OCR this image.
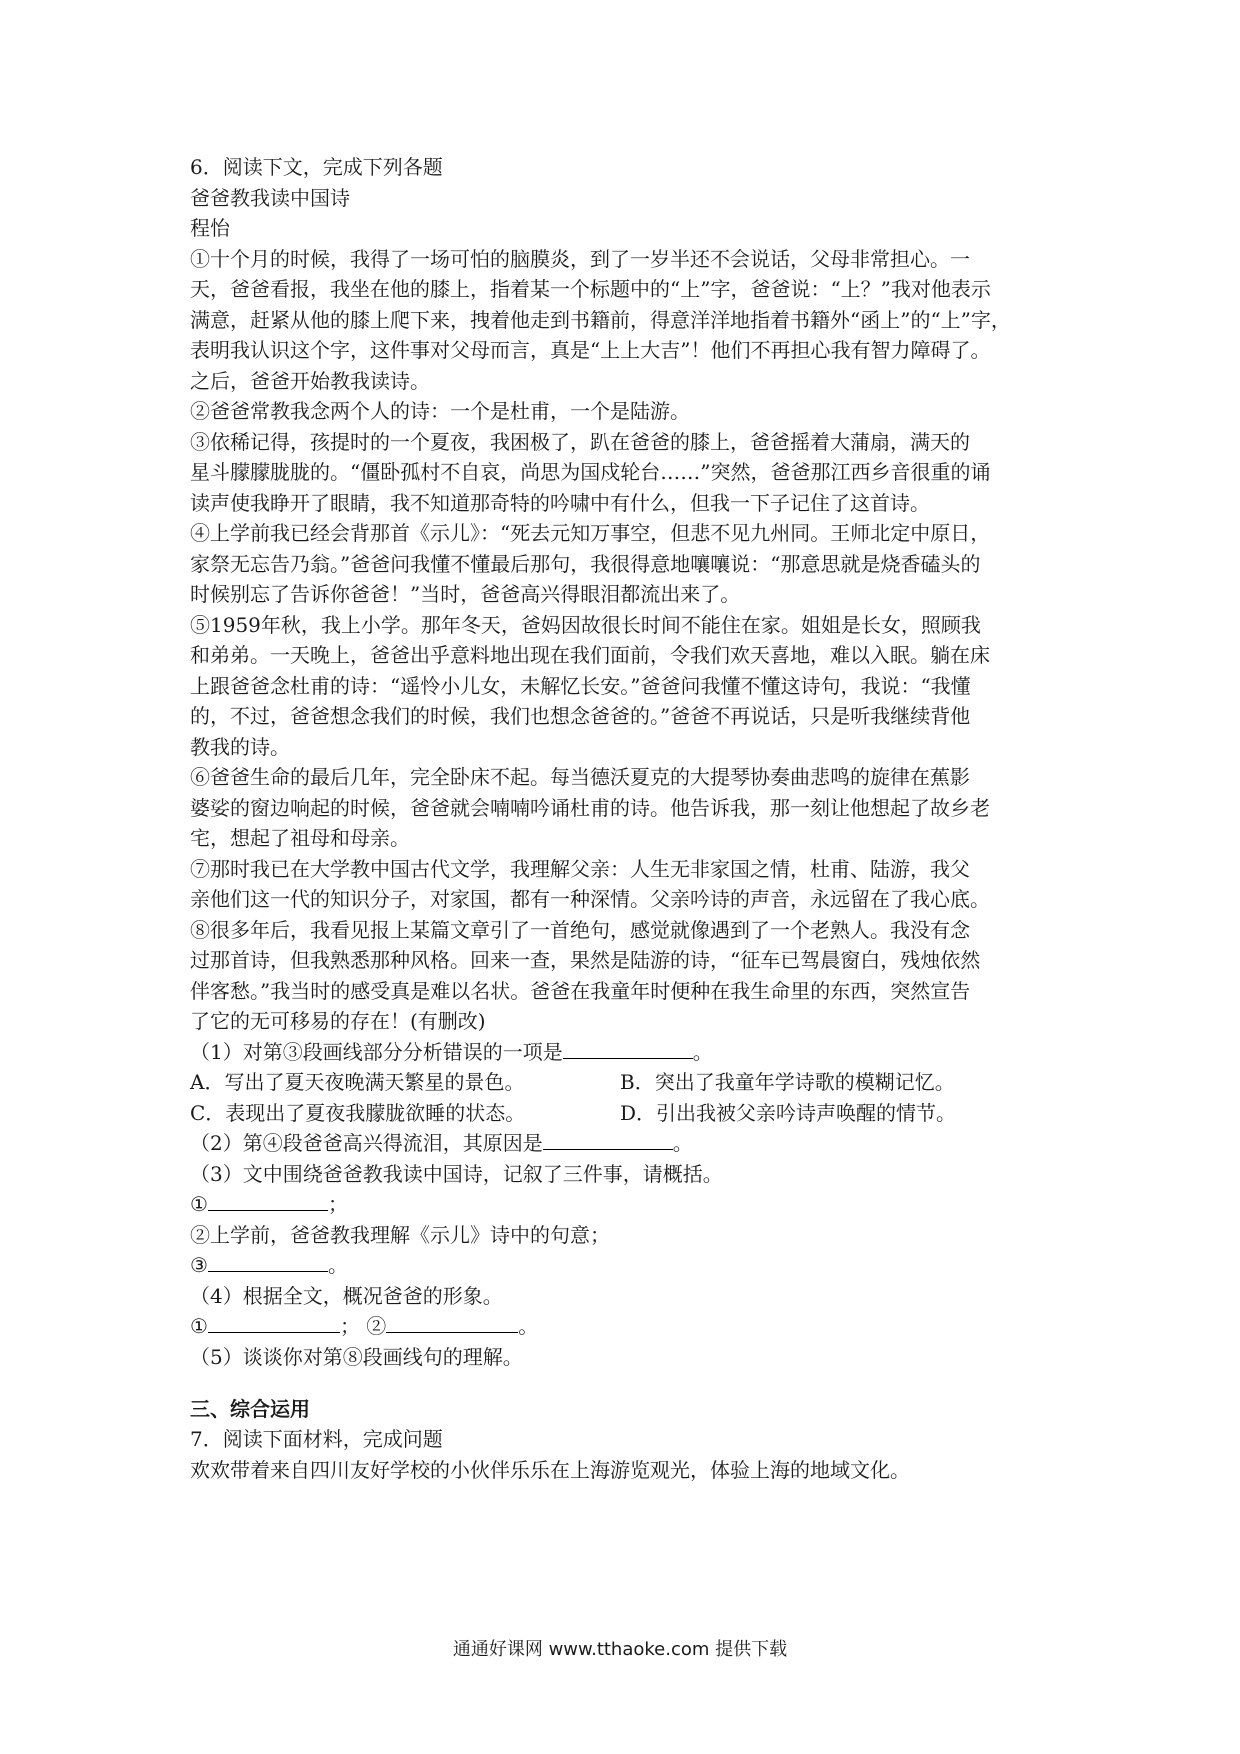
6．阅读下文，完成下列各题
爸爸教我读中国诗
程怡
①十个月的时候，我得了一场可怕的脑膜炎，到了一岁半还不会说话，父母非常担心。一
天，爸爸看报，我坐在他的膝上，指着某一个标题中的“上”字，爸爸说：“上？”我对他表示
满意，赶紧从他的膝上爬下来，拽着他走到书籍前，得意洋洋地指着书籍外“函上”的“上”字，
表明我认识这个字，这件事对父母而言，真是“上上大吉”！他们不再担心我有智力障碍了。
之后，爸爸开始教我读诗。
②爸爸常教我念两个人的诗：一个是杜甫，一个是陆游。
③依稀记得，孩提时的一个夏夜，我困极了，趴在爸爸的膝上，爸爸摇着大蒲扇，满天的
星斗朦朦胧胧的。“僵卧孤村不自哀，尚思为国戍轮台……”突然，爸爸那江西乡音很重的诵
读声使我睁开了眼睛，我不知道那奇特的吟啸中有什么，但我一下子记住了这首诗。
④上学前我已经会背那首《示儿》：“死去元知万事空，但悲不见九州同。王师北定中原日，
家祭无忘告乃翁。”爸爸问我懂不懂最后那句，我很得意地嚷嚷说：“那意思就是烧香磕头的
时候别忘了告诉你爸爸！”当时，爸爸高兴得眼泪都流出来了。
⑤1959年秋，我上小学。那年冬天，爸妈因故很长时间不能住在家。姐姐是长女，照顾我
和弟弟。一天晚上，爸爸出乎意料地出现在我们面前，令我们欢天喜地，难以入眠。躺在床
上跟爸爸念杜甫的诗：“遥怜小儿女，未解忆长安。”爸爸问我懂不懂这诗句，我说：“我懂
的，不过，爸爸想念我们的时候，我们也想念爸爸的。”爸爸不再说话，只是听我继续背他
教我的诗。
⑥爸爸生命的最后几年，完全卧床不起。每当德沃夏克的大提琴协奏曲悲鸣的旋律在蕉影
婆娑的窗边响起的时候，爸爸就会喃喃吟诵杜甫的诗。他告诉我，那一刻让他想起了故乡老
宅，想起了祖母和母亲。
⑦那时我已在大学教中国古代文学，我理解父亲：人生无非家国之情，杜甫、陆游，我父
亲他们这一代的知识分子，对家国，都有一种深情。父亲吟诗的声音，永远留在了我心底。
⑧很多年后，我看见报上某篇文章引了一首绝句，感觉就像遇到了一个老熟人。我没有念
过那首诗，但我熟悉那种风格。回来一查，果然是陆游的诗，“征车已驾晨窗白，残烛依然
伴客愁。”我当时的感受真是难以名状。爸爸在我童年时便种在我生命里的东西，突然宣告
了它的无可移易的存在！(有删改)
（1）对第③段画线部分分析错误的一项是	。
A．写出了夏天夜晚满天繁星的景色。	B．突出了我童年学诗歌的模糊记忆。
C．表现出了夏夜我朦胧欲睡的状态。	D．引出我被父亲吟诗声唤醒的情节。
（2）第④段爸爸高兴得流泪，其原因是	。
（3）文中围绕爸爸教我读中国诗，记叙了三件事，请概括。
①	；
②上学前，爸爸教我理解《示儿》诗中的句意；
③	。
（4）根据全文，概况爸爸的形象。
①	； ②	。
（5）谈谈你对第⑧段画线句的理解。
三、综合运用
7．阅读下面材料，完成问题
欢欢带着来自四川友好学校的小伙伴乐乐在上海游览观光，体验上海的地域文化。
通通好课网 www.tthaoke.com 提供下载
